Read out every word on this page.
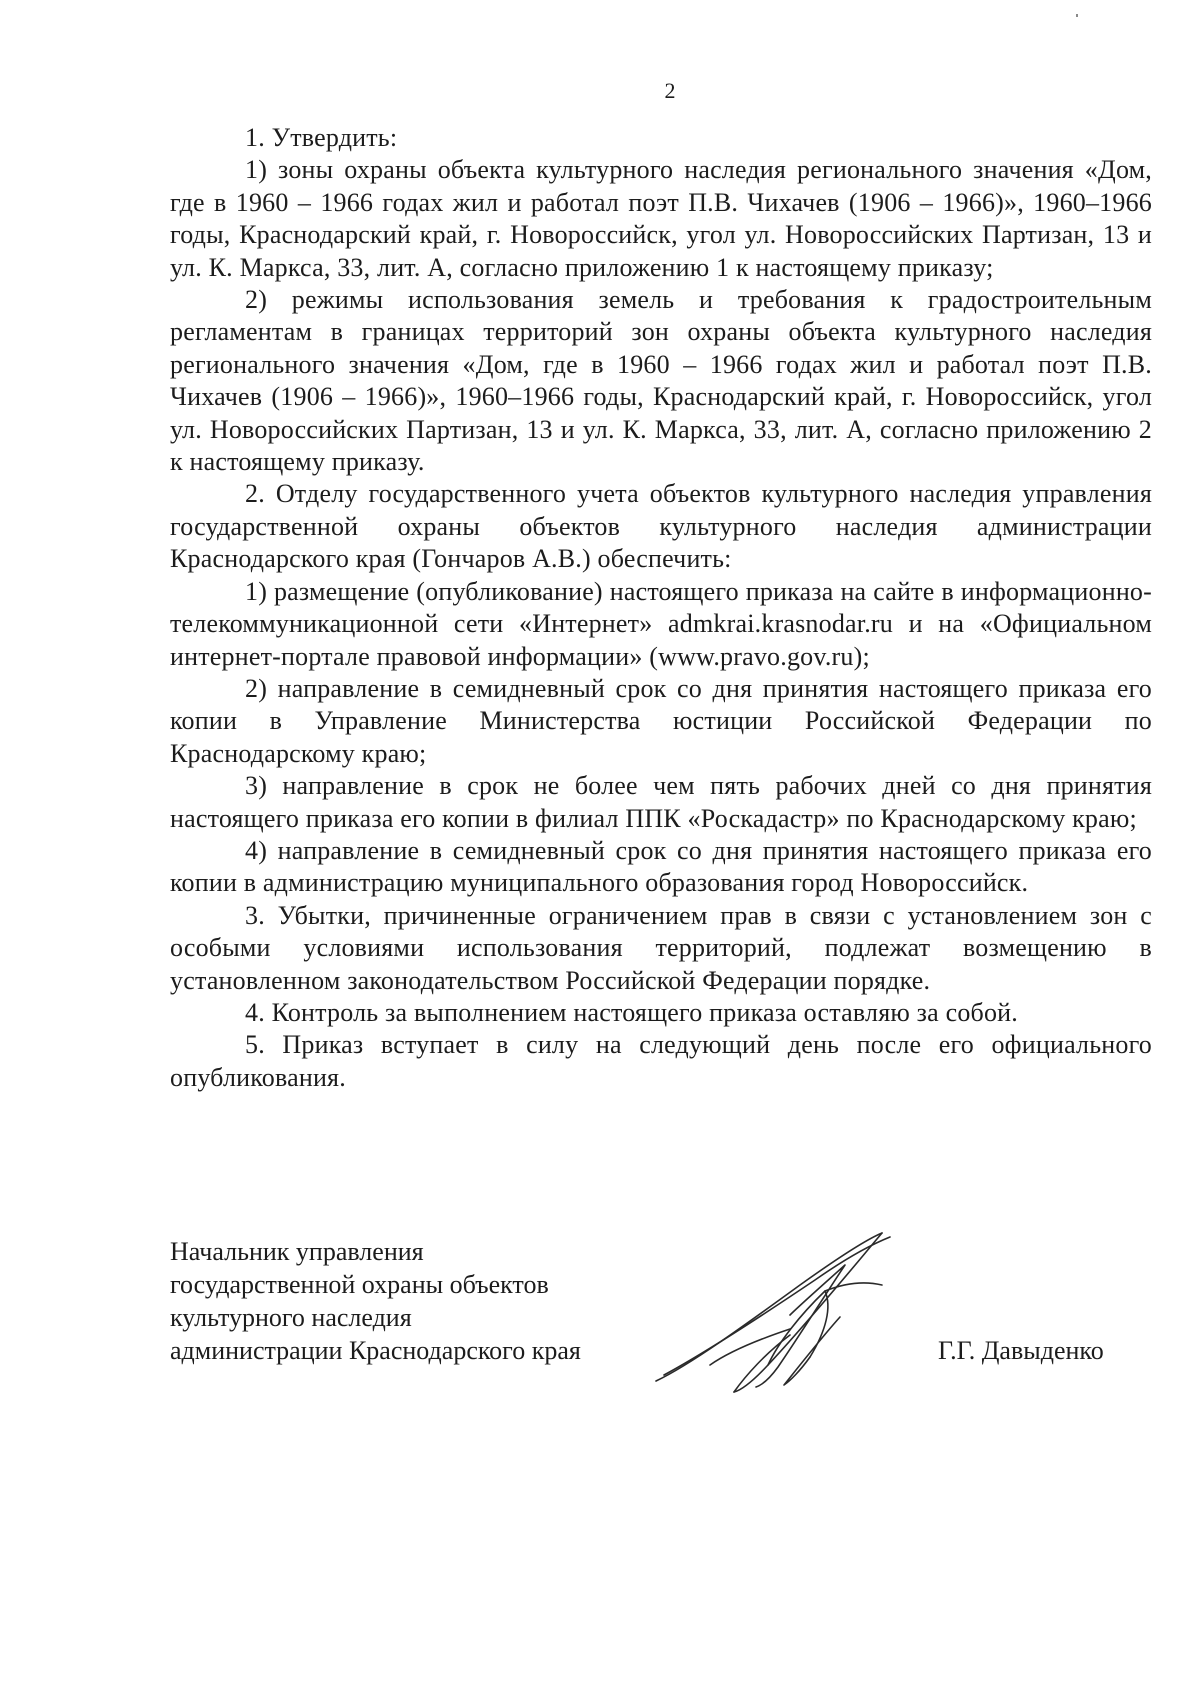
2

1. Утвердить:

1) зоны охраны объекта культурного наследия регионального значения «Дом, где в 1960 – 1966 годах жил и работал поэт П.В. Чихачев (1906 – 1966)», 1960–1966 годы, Краснодарский край, г. Новороссийск, угол ул. Новороссийских Партизан, 13 и ул. К. Маркса, 33, лит. А, согласно приложению 1 к настоящему приказу;

2) режимы использования земель и требования к градостроительным регламентам в границах территорий зон охраны объекта культурного наследия регионального значения «Дом, где в 1960 – 1966 годах жил и работал поэт П.В. Чихачев (1906 – 1966)», 1960–1966 годы, Краснодарский край, г. Новороссийск, угол ул. Новороссийских Партизан, 13 и ул. К. Маркса, 33, лит. А, согласно приложению 2 к настоящему приказу.

2. Отделу государственного учета объектов культурного наследия управления государственной охраны объектов культурного наследия администрации Краснодарского края (Гончаров А.В.) обеспечить:

1) размещение (опубликование) настоящего приказа на сайте в информационно-телекоммуникационной сети «Интернет» admkrai.krasnodar.ru и на «Официальном интернет-портале правовой информации» (www.pravo.gov.ru);

2) направление в семидневный срок со дня принятия настоящего приказа его копии в Управление Министерства юстиции Российской Федерации по Краснодарскому краю;

3) направление в срок не более чем пять рабочих дней со дня принятия настоящего приказа его копии в филиал ППК «Роскадастр» по Краснодарскому краю;

4) направление в семидневный срок со дня принятия настоящего приказа его копии в администрацию муниципального образования город Новороссийск.

3. Убытки, причиненные ограничением прав в связи с установлением зон с особыми условиями использования территорий, подлежат возмещению в установленном законодательством Российской Федерации порядке.

4. Контроль за выполнением настоящего приказа оставляю за собой.

5. Приказ вступает в силу на следующий день после его официального опубликования.

Начальник управления
государственной охраны объектов
культурного наследия
администрации Краснодарского края	Г.Г. Давыденко
